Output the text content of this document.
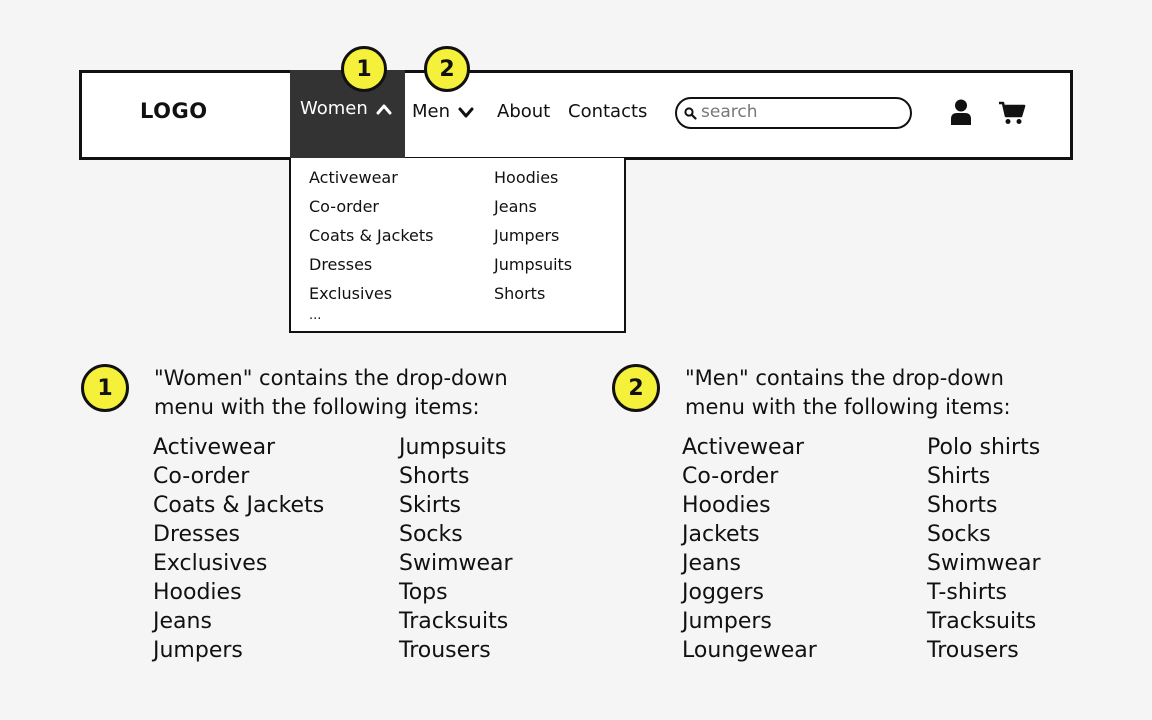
LOGO	Women	Men	About Contacts
search
Activewear
Co-order
Coats & Jackets
Dresses
Exclusives
Hoodies
Jeans
Jumpers
Jumpsuits
Shorts
...
1	2
1	"Women" contains the drop-down menu with the following items:
Activewear
Co-order
Coats & Jackets
Dresses
Exclusives
Hoodies
Jeans
Jumpers
Jumpsuits
Shorts
Skirts
Socks
Swimwear
Tops
Tracksuits
Trousers
2	"Men" contains the drop-down menu with the following items:
Activewear
Co-order
Hoodies
Jackets
Jeans
Joggers
Jumpers
Loungewear
Polo shirts
Shirts
Shorts
Socks
Swimwear
T-shirts
Tracksuits
Trousers
